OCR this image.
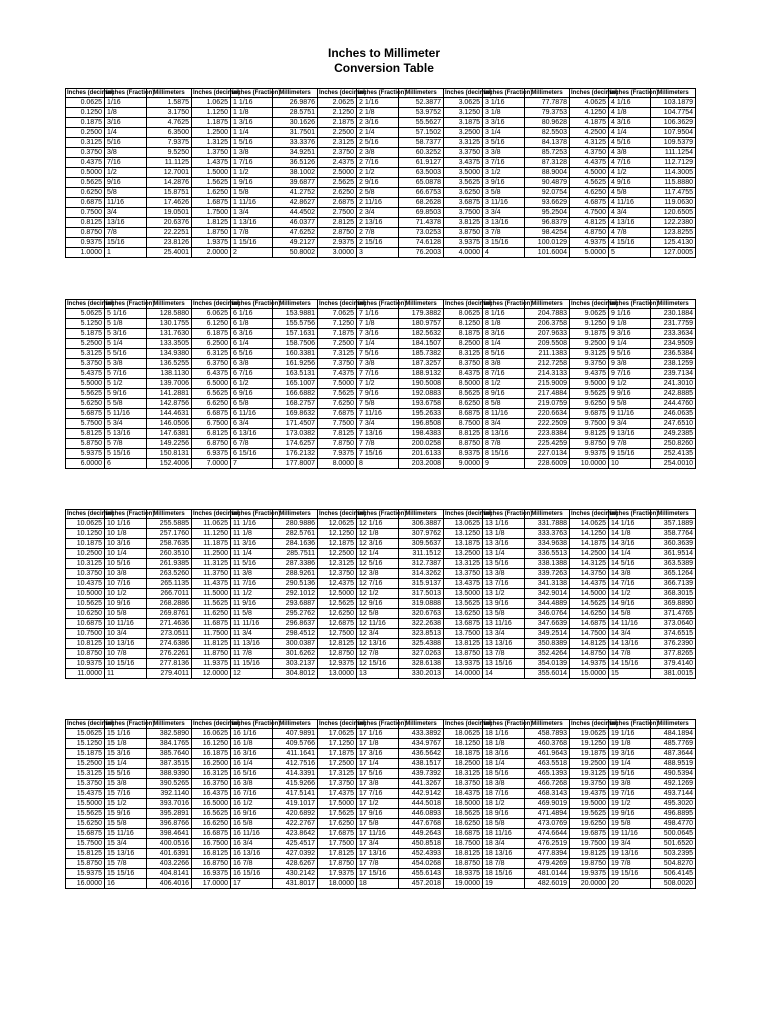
Inches to Millimeter
Conversion Table
Inches (decimal)	Inches (Fraction)	Millimeters	Inches (decimal)	Inches (Fraction)	Millimeters	Inches (decimal)	Inches (Fraction)	Millimeters	Inches (decimal)	Inches (Fraction)	Millimeters	Inches (decimal)	Inches (Fraction)	Millimeters
0.0625	1/16	1.5875	1.0625	1 1/16	26.9876	2.0625	2 1/16	52.3877	3.0625	3 1/16	77.7878	4.0625	4 1/16	103.1879
0.1250	1/8	3.1750	1.1250	1 1/8	28.5751	2.1250	2 1/8	53.9752	3.1250	3 1/8	79.3753	4.1250	4 1/8	104.7754
0.1875	3/16	4.7625	1.1875	1 3/16	30.1626	2.1875	2 3/16	55.5627	3.1875	3 3/16	80.9628	4.1875	4 3/16	106.3629
0.2500	1/4	6.3500	1.2500	1 1/4	31.7501	2.2500	2 1/4	57.1502	3.2500	3 1/4	82.5503	4.2500	4 1/4	107.9504
0.3125	5/16	7.9375	1.3125	1 5/16	33.3376	2.3125	2 5/16	58.7377	3.3125	3 5/16	84.1378	4.3125	4 5/16	109.5379
0.3750	3/8	9.5250	1.3750	1 3/8	34.9251	2.3750	2 3/8	60.3252	3.3750	3 3/8	85.7253	4.3750	4 3/8	111.1254
0.4375	7/16	11.1125	1.4375	1 7/16	36.5126	2.4375	2 7/16	61.9127	3.4375	3 7/16	87.3128	4.4375	4 7/16	112.7129
0.5000	1/2	12.7001	1.5000	1 1/2	38.1002	2.5000	2 1/2	63.5003	3.5000	3 1/2	88.9004	4.5000	4 1/2	114.3005
0.5625	9/16	14.2876	1.5625	1 9/16	39.6877	2.5625	2 9/16	65.0878	3.5625	3 9/16	90.4879	4.5625	4 9/16	115.8880
0.6250	5/8	15.8751	1.6250	1 5/8	41.2752	2.6250	2 5/8	66.6753	3.6250	3 5/8	92.0754	4.6250	4 5/8	117.4755
0.6875	11/16	17.4626	1.6875	1 11/16	42.8627	2.6875	2 11/16	68.2628	3.6875	3 11/16	93.6629	4.6875	4 11/16	119.0630
0.7500	3/4	19.0501	1.7500	1 3/4	44.4502	2.7500	2 3/4	69.8503	3.7500	3 3/4	95.2504	4.7500	4 3/4	120.6505
0.8125	13/16	20.6376	1.8125	1 13/16	46.0377	2.8125	2 13/16	71.4378	3.8125	3 13/16	96.8379	4.8125	4 13/16	122.2380
0.8750	7/8	22.2251	1.8750	1 7/8	47.6252	2.8750	2 7/8	73.0253	3.8750	3 7/8	98.4254	4.8750	4 7/8	123.8255
0.9375	15/16	23.8126	1.9375	1 15/16	49.2127	2.9375	2 15/16	74.6128	3.9375	3 15/16	100.0129	4.9375	4 15/16	125.4130
1.0000	1	25.4001	2.0000	2	50.8002	3.0000	3	76.2003	4.0000	4	101.6004	5.0000	5	127.0005
Inches (decimal)	Inches (Fraction)	Millimeters	Inches (decimal)	Inches (Fraction)	Millimeters	Inches (decimal)	Inches (Fraction)	Millimeters	Inches (decimal)	Inches (Fraction)	Millimeters	Inches (decimal)	Inches (Fraction)	Millimeters
5.0625	5 1/16	128.5880	6.0625	6 1/16	153.9881	7.0625	7 1/16	179.3882	8.0625	8 1/16	204.7883	9.0625	9 1/16	230.1884
5.1250	5 1/8	130.1755	6.1250	6 1/8	155.5756	7.1250	7 1/8	180.9757	8.1250	8 1/8	206.3758	9.1250	9 1/8	231.7759
5.1875	5 3/16	131.7630	6.1875	6 3/16	157.1631	7.1875	7 3/16	182.5632	8.1875	8 3/16	207.9633	9.1875	9 3/16	233.3634
5.2500	5 1/4	133.3505	6.2500	6 1/4	158.7506	7.2500	7 1/4	184.1507	8.2500	8 1/4	209.5508	9.2500	9 1/4	234.9509
5.3125	5 5/16	134.9380	6.3125	6 5/16	160.3381	7.3125	7 5/16	185.7382	8.3125	8 5/16	211.1383	9.3125	9 5/16	236.5384
5.3750	5 3/8	136.5255	6.3750	6 3/8	161.9256	7.3750	7 3/8	187.3257	8.3750	8 3/8	212.7258	9.3750	9 3/8	238.1259
5.4375	5 7/16	138.1130	6.4375	6 7/16	163.5131	7.4375	7 7/16	188.9132	8.4375	8 7/16	214.3133	9.4375	9 7/16	239.7134
5.5000	5 1/2	139.7006	6.5000	6 1/2	165.1007	7.5000	7 1/2	190.5008	8.5000	8 1/2	215.9009	9.5000	9 1/2	241.3010
5.5625	5 9/16	141.2881	6.5625	6 9/16	166.6882	7.5625	7 9/16	192.0883	8.5625	8 9/16	217.4884	9.5625	9 9/16	242.8885
5.6250	5 5/8	142.8756	6.6250	6 5/8	168.2757	7.6250	7 5/8	193.6758	8.6250	8 5/8	219.0759	9.6250	9 5/8	244.4760
5.6875	5 11/16	144.4631	6.6875	6 11/16	169.8632	7.6875	7 11/16	195.2633	8.6875	8 11/16	220.6634	9.6875	9 11/16	246.0635
5.7500	5 3/4	146.0506	6.7500	6 3/4	171.4507	7.7500	7 3/4	196.8508	8.7500	8 3/4	222.2509	9.7500	9 3/4	247.6510
5.8125	5 13/16	147.6381	6.8125	6 13/16	173.0382	7.8125	7 13/16	198.4383	8.8125	8 13/16	223.8384	9.8125	9 13/16	249.2385
5.8750	5 7/8	149.2256	6.8750	6 7/8	174.6257	7.8750	7 7/8	200.0258	8.8750	8 7/8	225.4259	9.8750	9 7/8	250.8260
5.9375	5 15/16	150.8131	6.9375	6 15/16	176.2132	7.9375	7 15/16	201.6133	8.9375	8 15/16	227.0134	9.9375	9 15/16	252.4135
6.0000	6	152.4006	7.0000	7	177.8007	8.0000	8	203.2008	9.0000	9	228.6009	10.0000	10	254.0010
Inches (decimal)	Inches (Fraction)	Millimeters	Inches (decimal)	Inches (Fraction)	Millimeters	Inches (decimal)	Inches (Fraction)	Millimeters	Inches (decimal)	Inches (Fraction)	Millimeters	Inches (decimal)	Inches (Fraction)	Millimeters
10.0625	10 1/16	255.5885	11.0625	11 1/16	280.9886	12.0625	12 1/16	306.3887	13.0625	13 1/16	331.7888	14.0625	14 1/16	357.1889
10.1250	10 1/8	257.1760	11.1250	11 1/8	282.5761	12.1250	12 1/8	307.9762	13.1250	13 1/8	333.3763	14.1250	14 1/8	358.7764
10.1875	10 3/16	258.7635	11.1875	11 3/16	284.1636	12.1875	12 3/16	309.5637	13.1875	13 3/16	334.9638	14.1875	14 3/16	360.3639
10.2500	10 1/4	260.3510	11.2500	11 1/4	285.7511	12.2500	12 1/4	311.1512	13.2500	13 1/4	336.5513	14.2500	14 1/4	361.9514
10.3125	10 5/16	261.9385	11.3125	11 5/16	287.3386	12.3125	12 5/16	312.7387	13.3125	13 5/16	338.1388	14.3125	14 5/16	363.5389
10.3750	10 3/8	263.5260	11.3750	11 3/8	288.9261	12.3750	12 3/8	314.3262	13.3750	13 3/8	339.7263	14.3750	14 3/8	365.1264
10.4375	10 7/16	265.1135	11.4375	11 7/16	290.5136	12.4375	12 7/16	315.9137	13.4375	13 7/16	341.3138	14.4375	14 7/16	366.7139
10.5000	10 1/2	266.7011	11.5000	11 1/2	292.1012	12.5000	12 1/2	317.5013	13.5000	13 1/2	342.9014	14.5000	14 1/2	368.3015
10.5625	10 9/16	268.2886	11.5625	11 9/16	293.6887	12.5625	12 9/16	319.0888	13.5625	13 9/16	344.4889	14.5625	14 9/16	369.8890
10.6250	10 5/8	269.8761	11.6250	11 5/8	295.2762	12.6250	12 5/8	320.6763	13.6250	13 5/8	346.0764	14.6250	14 5/8	371.4765
10.6875	10 11/16	271.4636	11.6875	11 11/16	296.8637	12.6875	12 11/16	322.2638	13.6875	13 11/16	347.6639	14.6875	14 11/16	373.0640
10.7500	10 3/4	273.0511	11.7500	11 3/4	298.4512	12.7500	12 3/4	323.8513	13.7500	13 3/4	349.2514	14.7500	14 3/4	374.6515
10.8125	10 13/16	274.6386	11.8125	11 13/16	300.0387	12.8125	12 13/16	325.4388	13.8125	13 13/16	350.8389	14.8125	14 13/16	376.2390
10.8750	10 7/8	276.2261	11.8750	11 7/8	301.6262	12.8750	12 7/8	327.0263	13.8750	13 7/8	352.4264	14.8750	14 7/8	377.8265
10.9375	10 15/16	277.8136	11.9375	11 15/16	303.2137	12.9375	12 15/16	328.6138	13.9375	13 15/16	354.0139	14.9375	14 15/16	379.4140
11.0000	11	279.4011	12.0000	12	304.8012	13.0000	13	330.2013	14.0000	14	355.6014	15.0000	15	381.0015
Inches (decimal)	Inches (Fraction)	Millimeters	Inches (decimal)	Inches (Fraction)	Millimeters	Inches (decimal)	Inches (Fraction)	Millimeters	Inches (decimal)	Inches (Fraction)	Millimeters	Inches (decimal)	Inches (Fraction)	Millimeters
15.0625	15 1/16	382.5890	16.0625	16 1/16	407.9891	17.0625	17 1/16	433.3892	18.0625	18 1/16	458.7893	19.0625	19 1/16	484.1894
15.1250	15 1/8	384.1765	16.1250	16 1/8	409.5766	17.1250	17 1/8	434.9767	18.1250	18 1/8	460.3768	19.1250	19 1/8	485.7769
15.1875	15 3/16	385.7640	16.1875	16 3/16	411.1641	17.1875	17 3/16	436.5642	18.1875	18 3/16	461.9643	19.1875	19 3/16	487.3644
15.2500	15 1/4	387.3515	16.2500	16 1/4	412.7516	17.2500	17 1/4	438.1517	18.2500	18 1/4	463.5518	19.2500	19 1/4	488.9519
15.3125	15 5/16	388.9390	16.3125	16 5/16	414.3391	17.3125	17 5/16	439.7392	18.3125	18 5/16	465.1393	19.3125	19 5/16	490.5394
15.3750	15 3/8	390.5265	16.3750	16 3/8	415.9266	17.3750	17 3/8	441.3267	18.3750	18 3/8	466.7268	19.3750	19 3/8	492.1269
15.4375	15 7/16	392.1140	16.4375	16 7/16	417.5141	17.4375	17 7/16	442.9142	18.4375	18 7/16	468.3143	19.4375	19 7/16	493.7144
15.5000	15 1/2	393.7016	16.5000	16 1/2	419.1017	17.5000	17 1/2	444.5018	18.5000	18 1/2	469.9019	19.5000	19 1/2	495.3020
15.5625	15 9/16	395.2891	16.5625	16 9/16	420.6892	17.5625	17 9/16	446.0893	18.5625	18 9/16	471.4894	19.5625	19 9/16	496.8895
15.6250	15 5/8	396.8766	16.6250	16 5/8	422.2767	17.6250	17 5/8	447.6768	18.6250	18 5/8	473.0769	19.6250	19 5/8	498.4770
15.6875	15 11/16	398.4641	16.6875	16 11/16	423.8642	17.6875	17 11/16	449.2643	18.6875	18 11/16	474.6644	19.6875	19 11/16	500.0645
15.7500	15 3/4	400.0516	16.7500	16 3/4	425.4517	17.7500	17 3/4	450.8518	18.7500	18 3/4	476.2519	19.7500	19 3/4	501.6520
15.8125	15 13/16	401.6391	16.8125	16 13/16	427.0392	17.8125	17 13/16	452.4393	18.8125	18 13/16	477.8394	19.8125	19 13/16	503.2395
15.8750	15 7/8	403.2266	16.8750	16 7/8	428.6267	17.8750	17 7/8	454.0268	18.8750	18 7/8	479.4269	19.8750	19 7/8	504.8270
15.9375	15 15/16	404.8141	16.9375	16 15/16	430.2142	17.9375	17 15/16	455.6143	18.9375	18 15/16	481.0144	19.9375	19 15/16	506.4145
16.0000	16	406.4016	17.0000	17	431.8017	18.0000	18	457.2018	19.0000	19	482.6019	20.0000	20	508.0020
